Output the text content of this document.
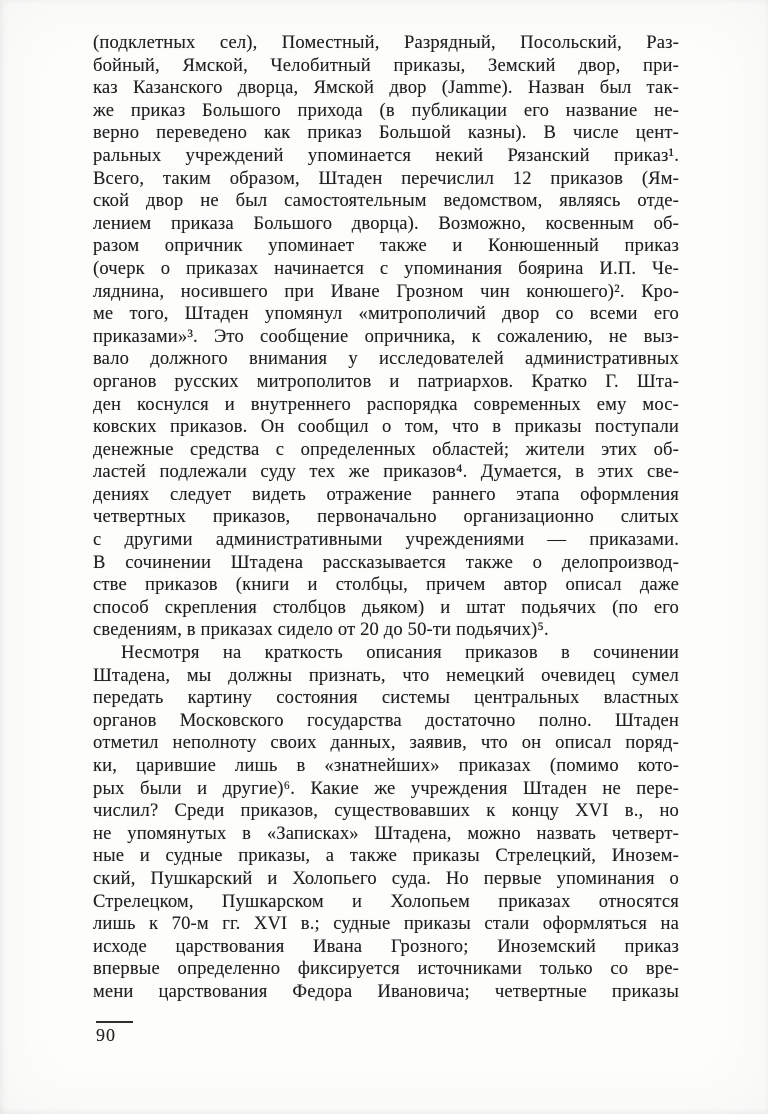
(подклетных сел), Поместный, Разрядный, Посольский, Раз-
бойный, Ямской, Челобитный приказы, Земский двор, при-
каз Казанского дворца, Ямской двор (Jamme). Назван был так-
же приказ Большого прихода (в публикации его название не-
верно переведено как приказ Большой казны). В числе цент-
ральных учреждений упоминается некий Рязанский приказ¹.
Всего, таким образом, Штаден перечислил 12 приказов (Ям-
ской двор не был самостоятельным ведомством, являясь отде-
лением приказа Большого дворца). Возможно, косвенным об-
разом опричник упоминает также и Конюшенный приказ
(очерк о приказах начинается с упоминания боярина И.П. Че-
ляднина, носившего при Иване Грозном чин конюшего)². Кро-
ме того, Штаден упомянул «митрополичий двор со всеми его
приказами»³. Это сообщение опричника, к сожалению, не выз-
вало должного внимания у исследователей административных
органов русских митрополитов и патриархов. Кратко Г. Шта-
ден коснулся и внутреннего распорядка современных ему мос-
ковских приказов. Он сообщил о том, что в приказы поступали
денежные средства с определенных областей; жители этих об-
ластей подлежали суду тех же приказов⁴. Думается, в этих све-
дениях следует видеть отражение раннего этапа оформления
четвертных приказов, первоначально организационно слитых
с другими административными учреждениями — приказами.
В сочинении Штадена рассказывается также о делопроизвод-
стве приказов (книги и столбцы, причем автор описал даже
способ скрепления столбцов дьяком) и штат подьячих (по его
сведениям, в приказах сидело от 20 до 50-ти подьячих)⁵.
Несмотря на краткость описания приказов в сочинении
Штадена, мы должны признать, что немецкий очевидец сумел
передать картину состояния системы центральных властных
органов Московского государства достаточно полно. Штаден
отметил неполноту своих данных, заявив, что он описал поряд-
ки, царившие лишь в «знатнейших» приказах (помимо кото-
рых были и другие)⁶. Какие же учреждения Штаден не пере-
числил? Среди приказов, существовавших к концу XVI в., но
не упомянутых в «Записках» Штадена, можно назвать четверт-
ные и судные приказы, а также приказы Стрелецкий, Инозем-
ский, Пушкарский и Холопьего суда. Но первые упоминания о
Стрелецком, Пушкарском и Холопьем приказах относятся
лишь к 70-м гг. XVI в.; судные приказы стали оформляться на
исходе царствования Ивана Грозного; Иноземский приказ
впервые определенно фиксируется источниками только со вре-
мени царствования Федора Ивановича; четвертные приказы
90
